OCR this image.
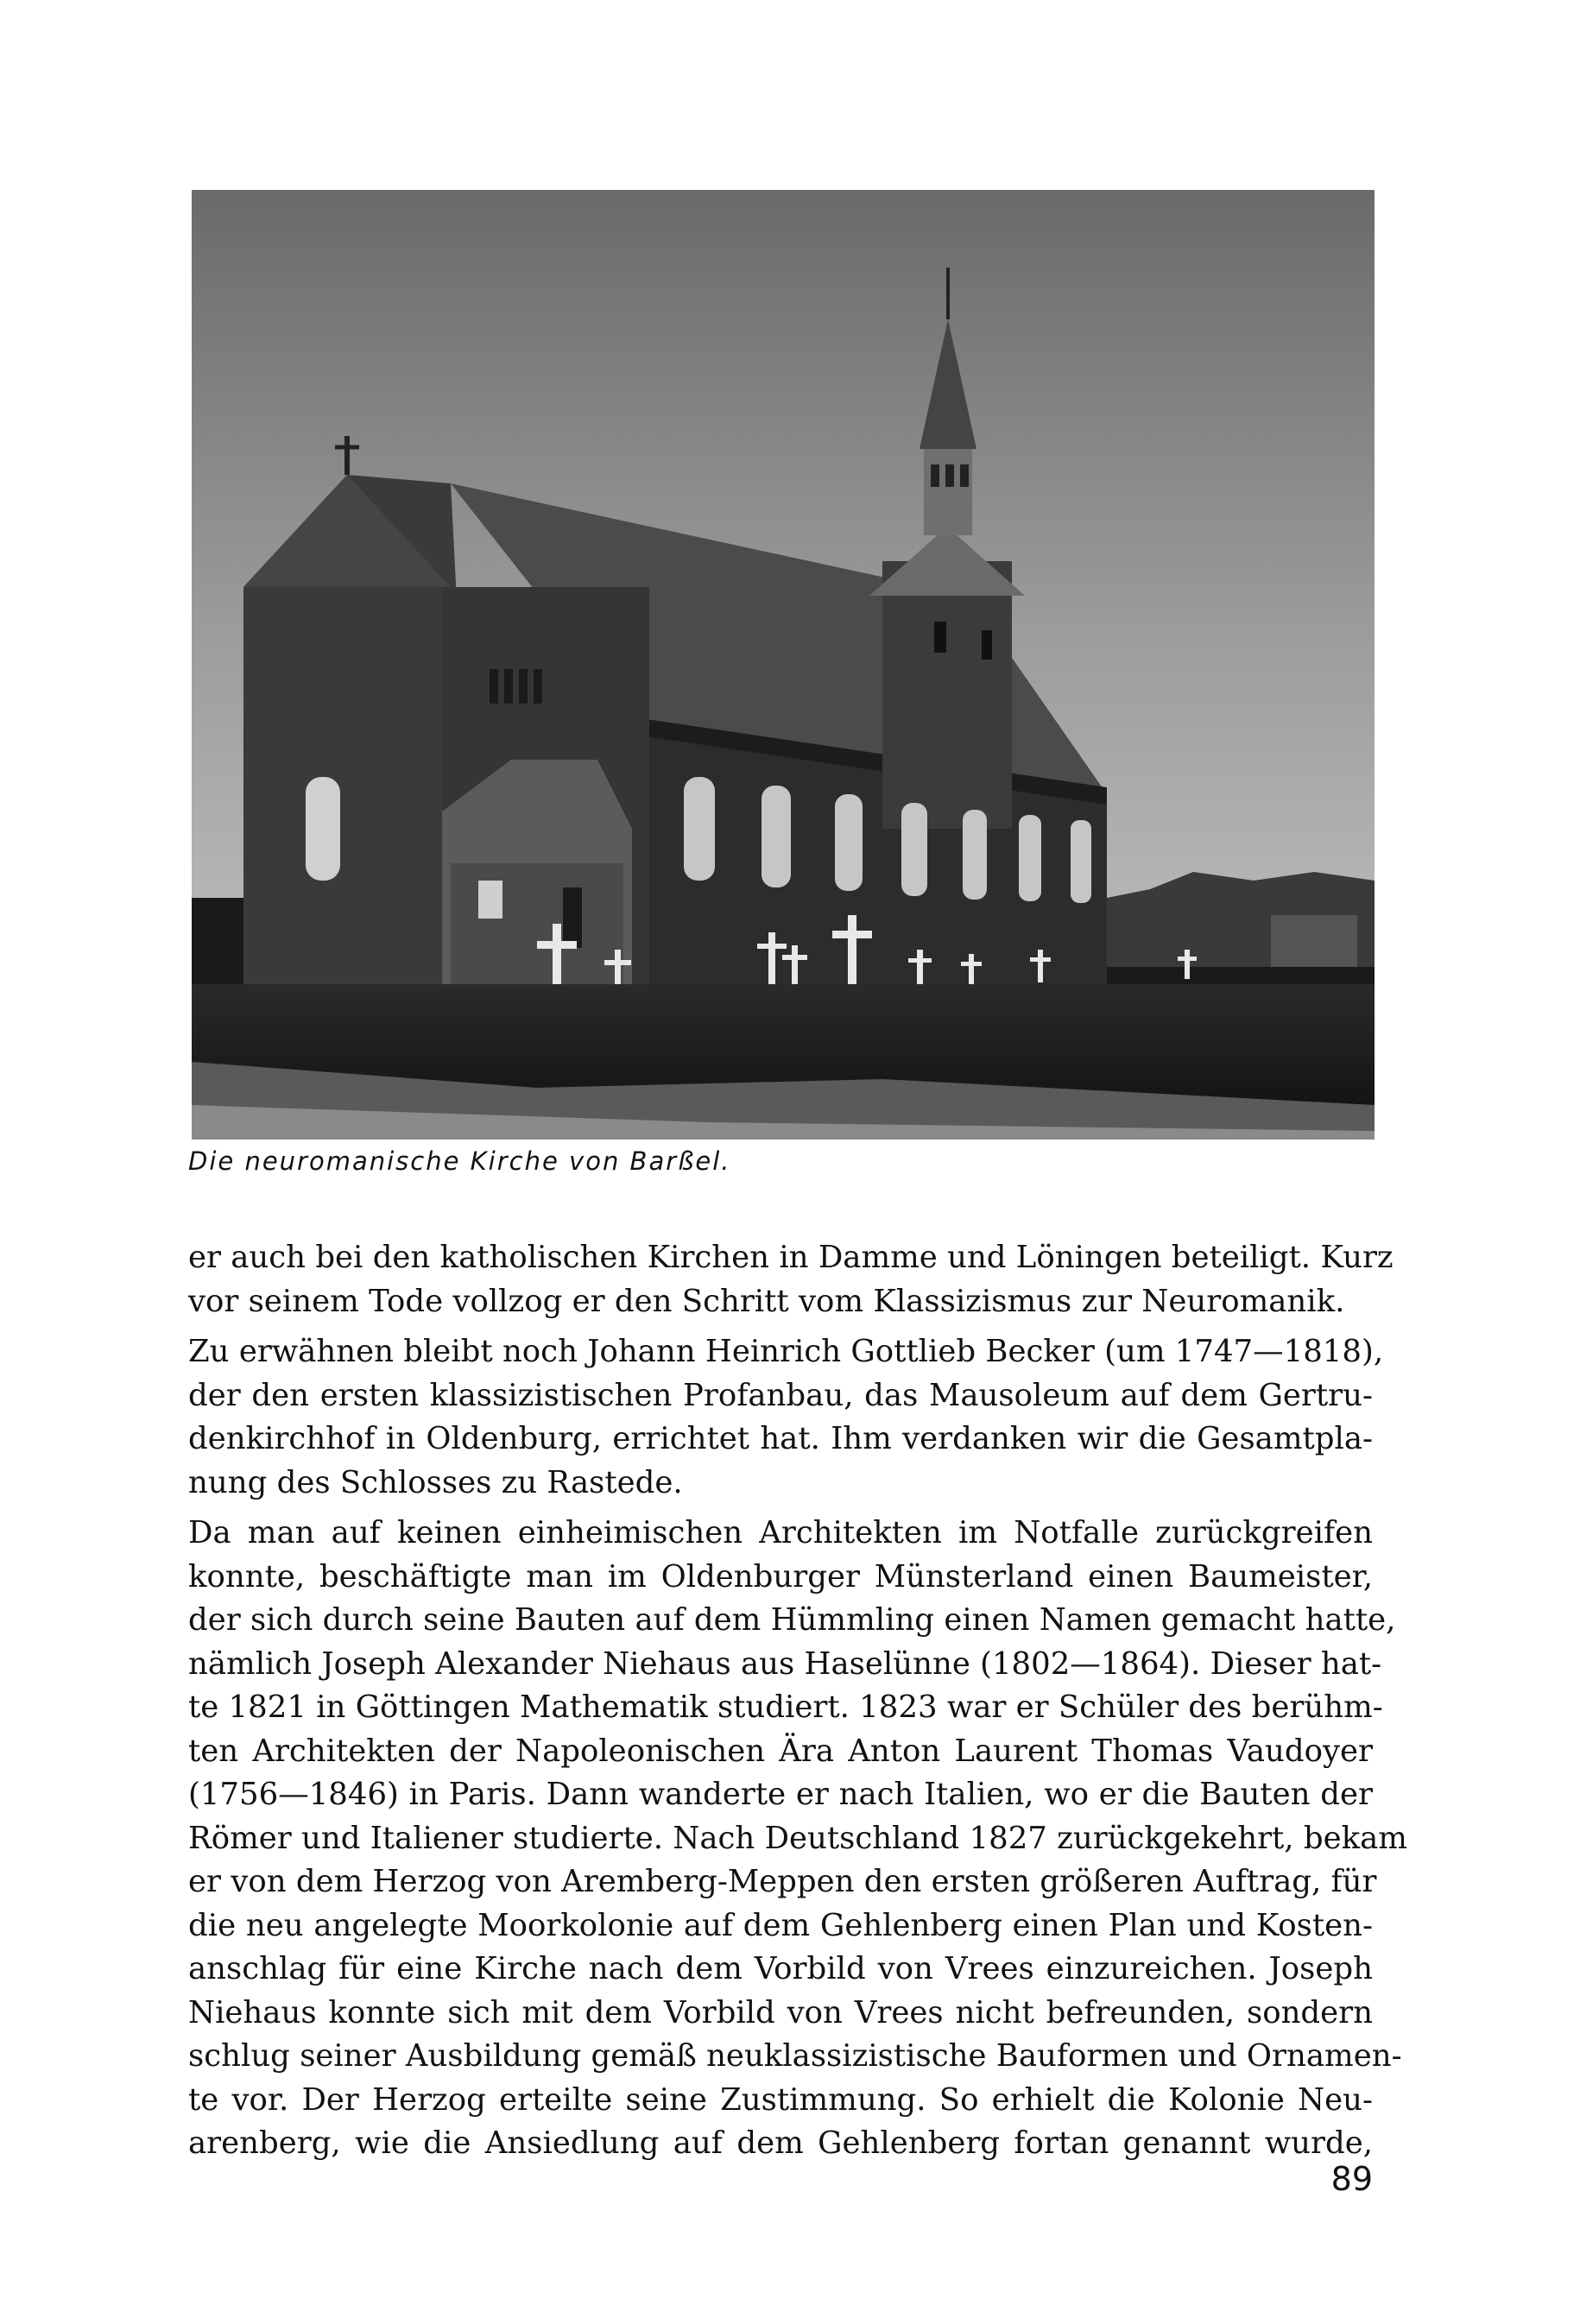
Die neuromanische Kirche von Barßel.

er auch bei den katholischen Kirchen in Damme und Löningen beteiligt. Kurz
vor seinem Tode vollzog er den Schritt vom Klassizismus zur Neuromanik.

Zu erwähnen bleibt noch Johann Heinrich Gottlieb Becker (um 1747—1818),
der den ersten klassizistischen Profanbau, das Mausoleum auf dem Gertru-
denkirchhof in Oldenburg, errichtet hat. Ihm verdanken wir die Gesamtpla-
nung des Schlosses zu Rastede.

Da man auf keinen einheimischen Architekten im Notfalle zurückgreifen
konnte, beschäftigte man im Oldenburger Münsterland einen Baumeister,
der sich durch seine Bauten auf dem Hümmling einen Namen gemacht hatte,
nämlich Joseph Alexander Niehaus aus Haselünne (1802—1864). Dieser hat-
te 1821 in Göttingen Mathematik studiert. 1823 war er Schüler des berühm-
ten Architekten der Napoleonischen Ära Anton Laurent Thomas Vaudoyer
(1756—1846) in Paris. Dann wanderte er nach Italien, wo er die Bauten der
Römer und Italiener studierte. Nach Deutschland 1827 zurückgekehrt, bekam
er von dem Herzog von Aremberg-Meppen den ersten größeren Auftrag, für
die neu angelegte Moorkolonie auf dem Gehlenberg einen Plan und Kosten-
anschlag für eine Kirche nach dem Vorbild von Vrees einzureichen. Joseph
Niehaus konnte sich mit dem Vorbild von Vrees nicht befreunden, sondern
schlug seiner Ausbildung gemäß neuklassizistische Bauformen und Ornamen-
te vor. Der Herzog erteilte seine Zustimmung. So erhielt die Kolonie Neu-
arenberg, wie die Ansiedlung auf dem Gehlenberg fortan genannt wurde,

89
